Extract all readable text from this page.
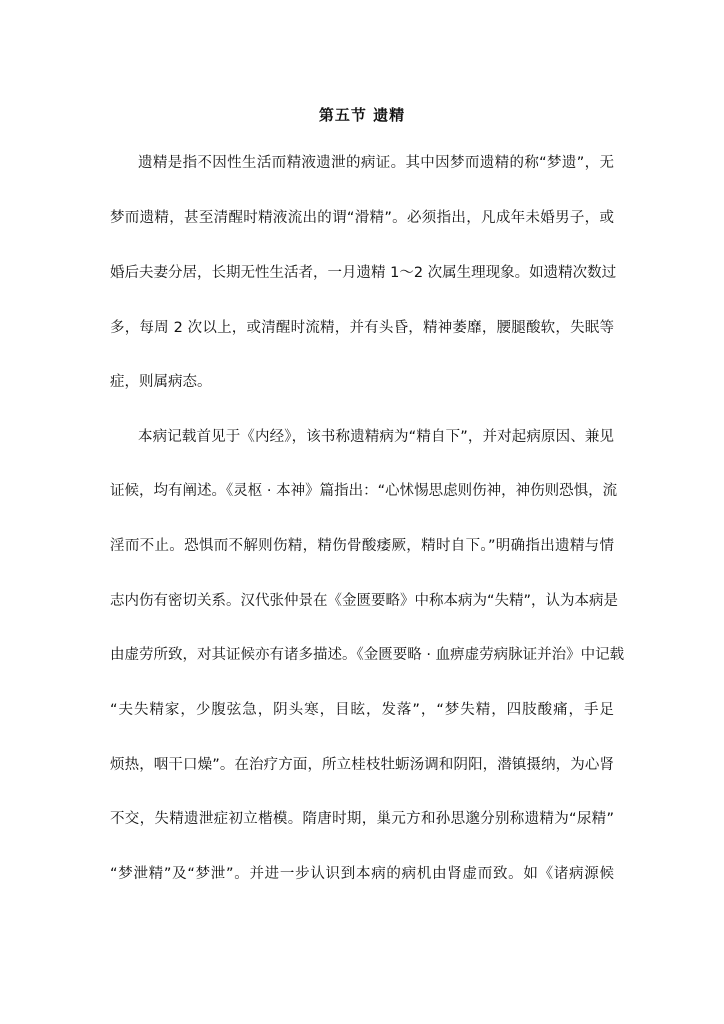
第五节 遗精
遗精是指不因性生活而精液遗泄的病证。其中因梦而遗精的称“梦遗”，无
梦而遗精，甚至清醒时精液流出的谓“滑精”。必须指出，凡成年未婚男子，或
婚后夫妻分居，长期无性生活者，一月遗精 1～2 次属生理现象。如遗精次数过
多，每周 2 次以上，或清醒时流精，并有头昏，精神萎靡，腰腿酸软，失眠等
症，则属病态。
本病记载首见于《内经》，该书称遗精病为“精自下”，并对起病原因、兼见
证候，均有阐述。《灵枢 · 本神》篇指出：“心怵惕思虑则伤神，神伤则恐惧，流
淫而不止。恐惧而不解则伤精，精伤骨酸痿厥，精时自下。”明确指出遗精与情
志内伤有密切关系。汉代张仲景在《金匮要略》中称本病为“失精”，认为本病是
由虚劳所致，对其证候亦有诸多描述。《金匮要略 · 血痹虚劳病脉证并治》中记载
“夫失精家，少腹弦急，阴头寒，目眩，发落”，“梦失精，四肢酸痛，手足
烦热，咽干口燥”。在治疗方面，所立桂枝牡蛎汤调和阴阳，潜镇摄纳，为心肾
不交，失精遗泄症初立楷模。隋唐时期，巢元方和孙思邈分别称遗精为“尿精”
“梦泄精”及“梦泄”。并进一步认识到本病的病机由肾虚而致。如《诸病源候
